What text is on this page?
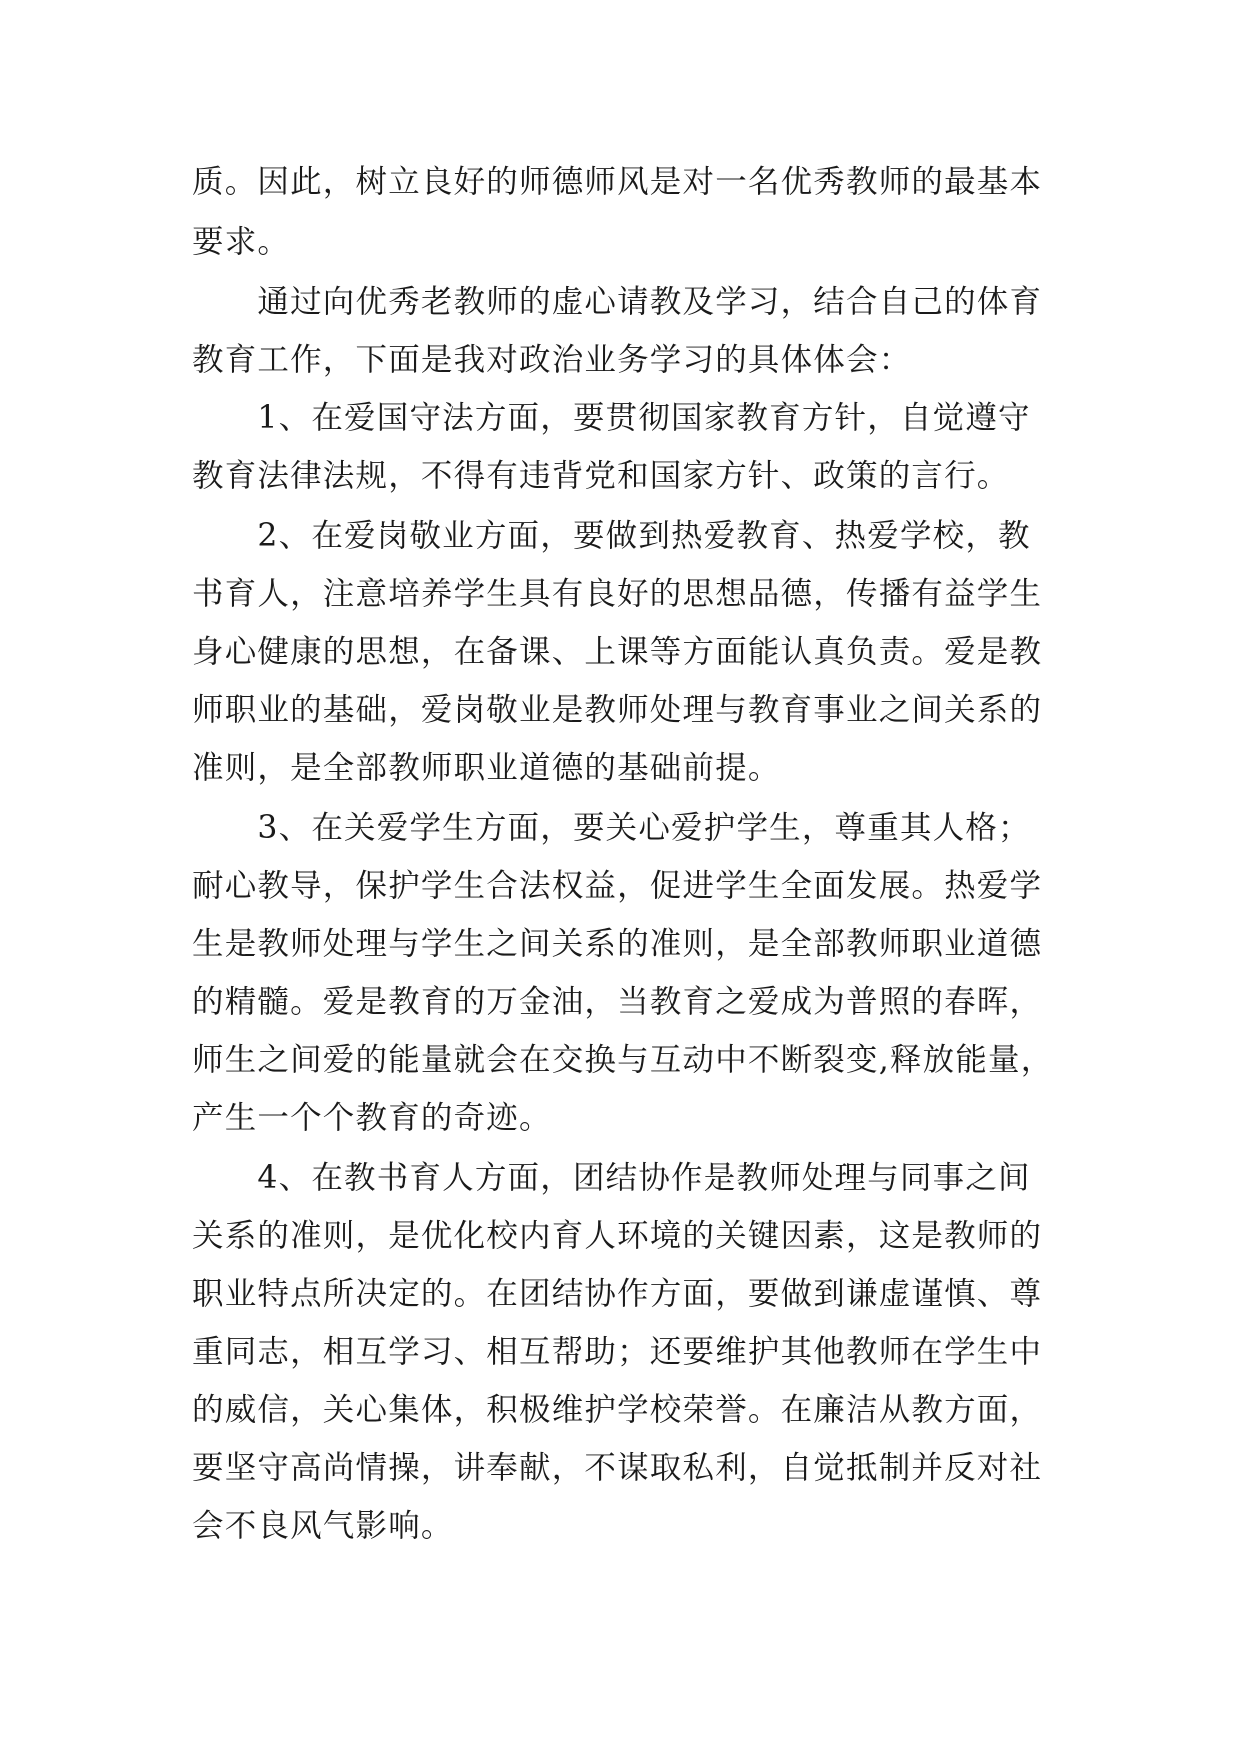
质。因此，树立良好的师德师风是对一名优秀教师的最基本
要求。
　　通过向优秀老教师的虚心请教及学习，结合自己的体育
教育工作，下面是我对政治业务学习的具体体会：
　　1、在爱国守法方面，要贯彻国家教育方针，自觉遵守
教育法律法规，不得有违背党和国家方针、政策的言行。
　　2、在爱岗敬业方面，要做到热爱教育、热爱学校，教
书育人，注意培养学生具有良好的思想品德，传播有益学生
身心健康的思想，在备课、上课等方面能认真负责。爱是教
师职业的基础，爱岗敬业是教师处理与教育事业之间关系的
准则，是全部教师职业道德的基础前提。
　　3、在关爱学生方面，要关心爱护学生，尊重其人格；
耐心教导，保护学生合法权益，促进学生全面发展。热爱学
生是教师处理与学生之间关系的准则，是全部教师职业道德
的精髓。爱是教育的万金油，当教育之爱成为普照的春晖，
师生之间爱的能量就会在交换与互动中不断裂变,释放能量，
产生一个个教育的奇迹。
　　4、在教书育人方面，团结协作是教师处理与同事之间
关系的准则，是优化校内育人环境的关键因素，这是教师的
职业特点所决定的。在团结协作方面，要做到谦虚谨慎、尊
重同志，相互学习、相互帮助；还要维护其他教师在学生中
的威信，关心集体，积极维护学校荣誉。在廉洁从教方面，
要坚守高尚情操，讲奉献，不谋取私利，自觉抵制并反对社
会不良风气影响。
